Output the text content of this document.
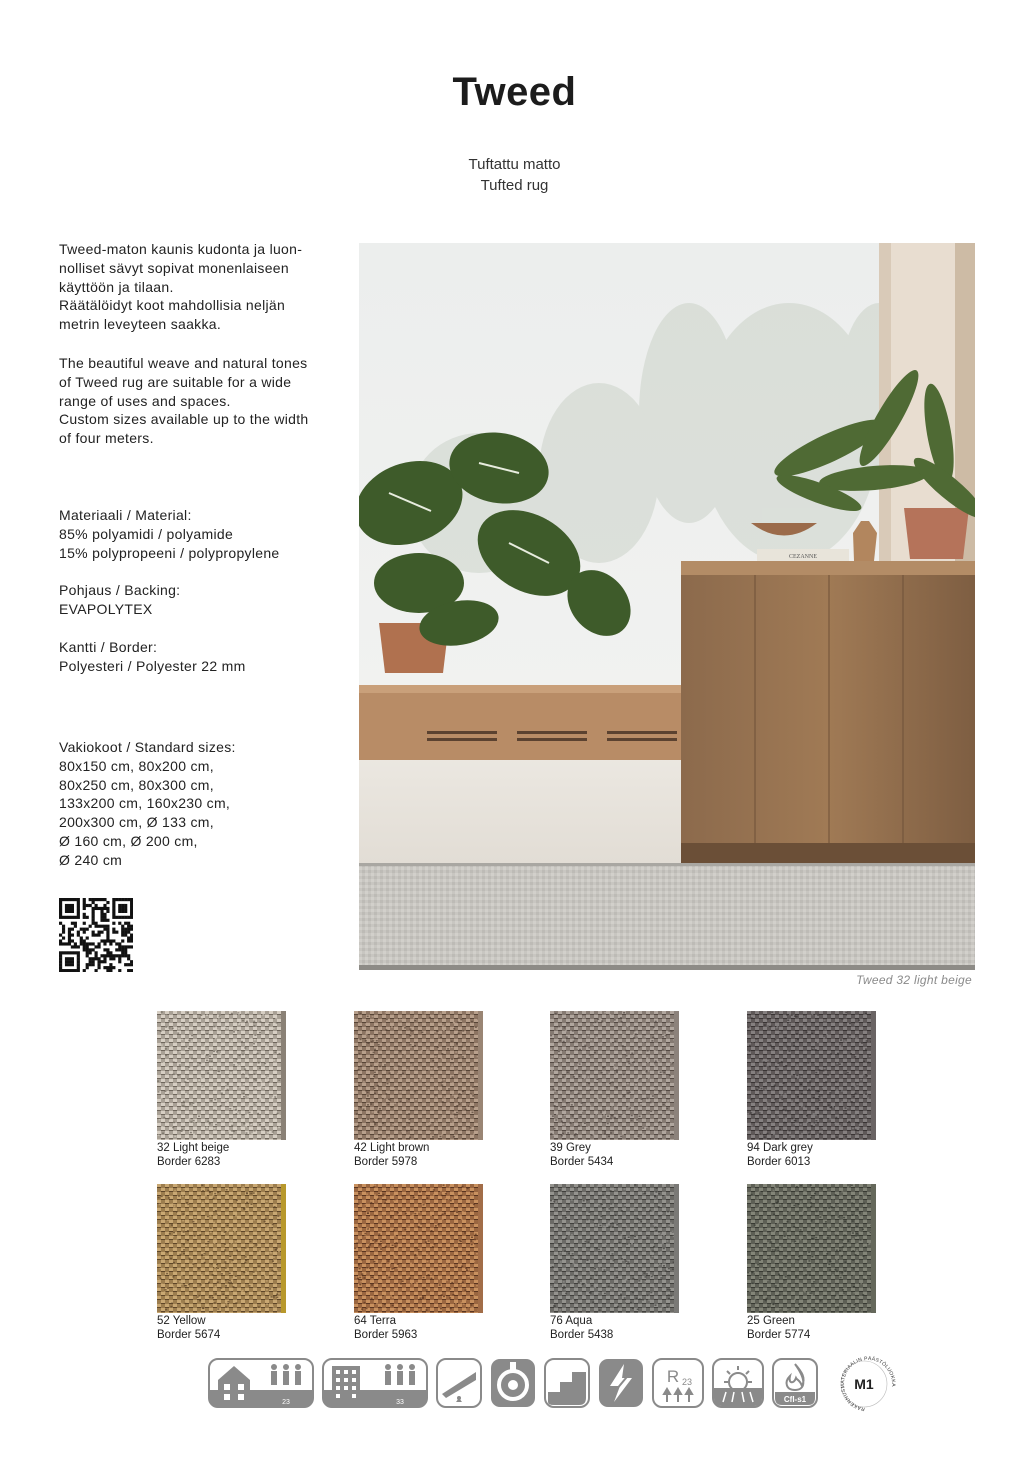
Tweed
Tuftattu matto
Tufted rug
Tweed-maton kaunis kudonta ja luon-
nolliset sävyt sopivat monenlaiseen
käyttöön ja tilaan.
Räätälöidyt koot mahdollisia neljän
metrin leveyteen saakka.
The beautiful weave and natural tones
of Tweed rug are suitable for a wide
range of uses and spaces.
Custom sizes available up to the width
of four meters.
Materiaali / Material:
85% polyamidi / polyamide
15% polypropeeni / polypropylene
Pohjaus / Backing:
EVAPOLYTEX
Kantti / Border:
Polyesteri / Polyester 22 mm
Vakiokoot / Standard sizes:
80x150 cm, 80x200 cm,
80x250 cm, 80x300 cm,
133x200 cm, 160x230 cm,
200x300 cm, Ø 133 cm,
Ø 160 cm, Ø 200 cm,
Ø 240 cm
CEZANNE
Tweed 32 light beige
32 Light beige
Border 6283
42 Light brown
Border 5978
39 Grey
Border 5434
94 Dark grey
Border 6013
52 Yellow
Border 5674
64 Terra
Border 5963
76 Aqua
Border 5438
25 Green
Border 5774
23	33
R 23
Cfl-s1
RAKENNUSMATERIAALIN PÄÄSTÖLUOKKA
M1
